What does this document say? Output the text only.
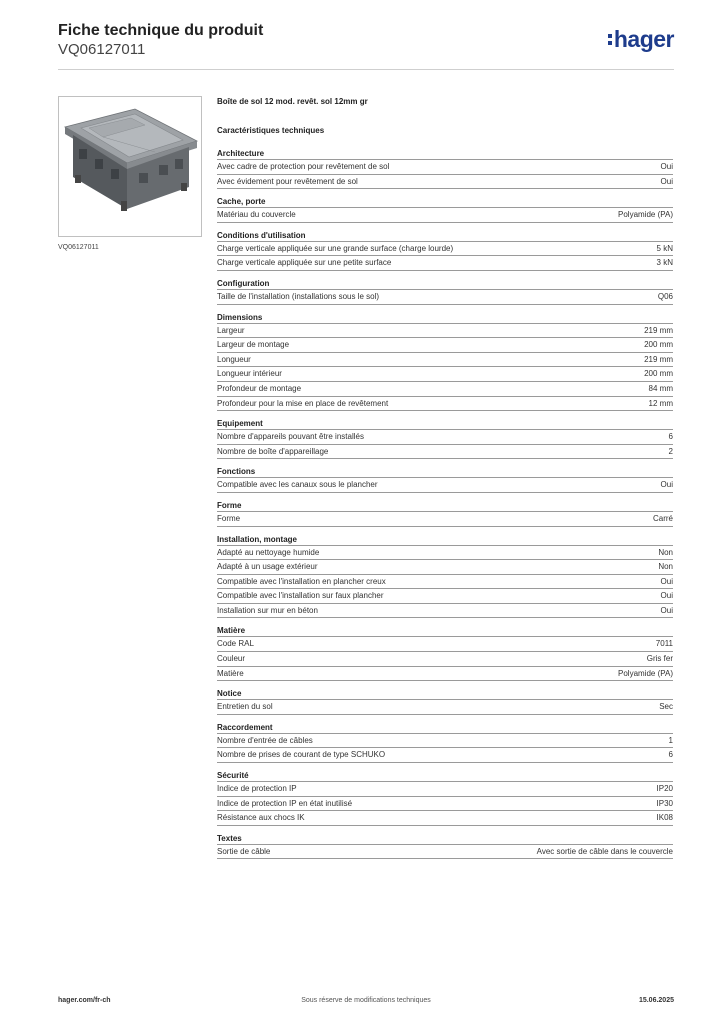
Fiche technique du produit
VQ06127011	hager
VQ06127011
Boîte de sol 12 mod. revêt. sol 12mm gr
Caractéristiques techniques
Architecture
Avec cadre de protection pour revêtement de sol	Oui
Avec évidement pour revêtement de sol	Oui
Cache, porte
Matériau du couvercle	Polyamide (PA)
Conditions d'utilisation
Charge verticale appliquée sur une grande surface (charge lourde)	5 kN
Charge verticale appliquée sur une petite surface	3 kN
Configuration
Taille de l'installation (installations sous le sol)	Q06
Dimensions
Largeur	219 mm
Largeur de montage	200 mm
Longueur	219 mm
Longueur intérieur	200 mm
Profondeur de montage	84 mm
Profondeur pour la mise en place de revêtement	12 mm
Equipement
Nombre d'appareils pouvant être installés	6
Nombre de boîte d'appareillage	2
Fonctions
Compatible avec les canaux sous le plancher	Oui
Forme
Forme	Carré
Installation, montage
Adapté au nettoyage humide	Non
Adapté à un usage extérieur	Non
Compatible avec l'installation en plancher creux	Oui
Compatible avec l'installation sur faux plancher	Oui
Installation sur mur en béton	Oui
Matière
Code RAL	7011
Couleur	Gris fer
Matière	Polyamide (PA)
Notice
Entretien du sol	Sec
Raccordement
Nombre d'entrée de câbles	1
Nombre de prises de courant de type SCHUKO	6
Sécurité
Indice de protection IP	IP20
Indice de protection IP en état inutilisé	IP30
Résistance aux chocs IK	IK08
Textes
Sortie de câble	Avec sortie de câble dans le couvercle
Sous réserve de modifications techniques
hager.com/fr-ch	15.06.2025
